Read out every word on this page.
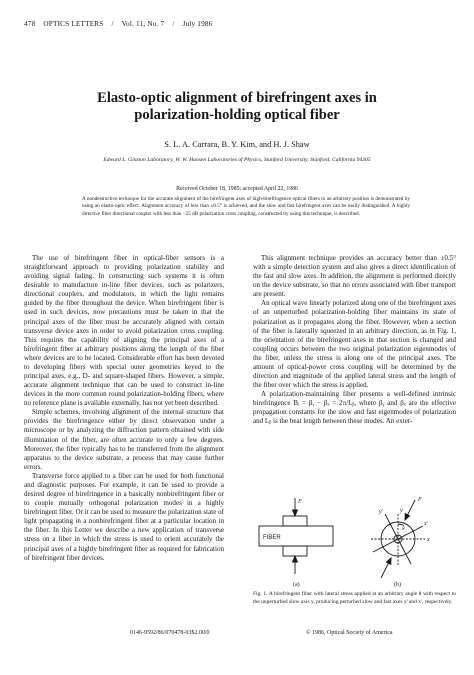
478 OPTICS LETTERS / Vol. 11, No. 7 / July 1986
Elasto-optic alignment of birefringent axes in
polarization-holding optical fiber
S. L. A. Carrara, B. Y. Kim, and H. J. Shaw
Edward L. Ginzton Laboratory, W. W. Hansen Laboratories of Physics, Stanford University, Stanford, California 94305
Received October 18, 1985; accepted April 22, 1986
A nondestructive technique for the accurate alignment of the birefringent axes of high-birefringence optical fibers to an arbitrary position is demonstrated by using an elasto-optic effect. Alignment accuracy of less than ±0.5° is achieved, and the slow and fast birefringent axes can be easily distinguished. A highly directive fiber directional coupler with less than −25 dB polarization cross coupling, constructed by using this technique, is described.

The use of birefringent fiber in optical-fiber sensors is a straightforward approach to providing polarization stability and avoiding signal fading. In constructing such systems it is often desirable to manufacture in-line fiber devices, such as polarizers, directional couplers, and modulators, in which the light remains guided by the fiber throughout the device. When birefringent fiber is used in such devices, now precautions must be taken in that the principal axes of the fiber must be accurately aligned with certain transverse device axes in order to avoid polarization cross coupling. This requires the capability of aligning the principal axes of a birefringent fiber at arbitrary positions along the length of the fiber where devices are to be located. Considerable effort has been devoted to developing fibers with special outer geometries keyed to the principal axes, e.g., D- and square-shaped fibers. However, a simple, accurate alignment technique that can be used to construct in-line devices in the more common round polarization-holding fibers, where no reference plane is available externally, has not yet been described.

Simple schemes, involving alignment of the internal structure that provides the birefringence either by direct observation under a microscope or by analyzing the diffraction pattern obtained with side illumination of the fiber, are often accurate to only a few degrees. Moreover, the fiber typically has to be transferred from the alignment apparatus to the device substrate, a process that may cause further errors.

Transverse force applied to a fiber can be used for both functional and diagnostic purposes. For example, it can be used to provide a desired degree of birefringence in a basically nonbirefringent fiber or to couple mutually orthogonal polarization modes in a highly birefringent fiber. Or it can be used to measure the polarization state of light propagating in a nonbirefringent fiber at a particular location in the fiber. In this Letter we describe a new application of transverse stress on a fiber in which the stress is used to orient accurately the principal axes of a highly birefringent fiber as required for fabrication of birefringent fiber devices.

This alignment technique provides an accuracy better than ±0.5° with a simple detection system and also gives a direct identification of the fast and slow axes. In addition, the alignment is performed directly on the device substrate, so that no errors associated with fiber transport are present.

An optical wave linearly polarized along one of the birefringent axes of an unperturbed polarization-holding fiber maintains its state of polarization as it propagates along the fiber. However, when a section of the fiber is laterally squeezed in an arbitrary direction, as in Fig. 1, the orientation of the birefringent axes in that section is changed and coupling occurs between the two original polarization eigenmodes of the fiber, unless the stress is along one of the principal axes. The amount of optical-power cross coupling will be determined by the direction and magnitude of the applied lateral stress and the length of the fiber over which the stress is applied.

A polarization-maintaining fiber presents a well-defined intrinsic birefringence Bᵢ = βᵧ − βₓ = 2π/Lᵦ, where βᵧ and βₓ are the effective propagation constants for the slow and fast eigenmodes of polarization and Lᵦ is the beat length between these modes. An exter-

F
FIBER
(a)
F
y
x
y'
x'
θ
(b)
Fig. 1. A birefringent fiber with lateral stress applied at an arbitrary angle θ with respect to the unperturbed slow axis y, producing perturbed slow and fast axes y' and x', respectively.
0146-9592/86/070478-03$2.00/0	© 1986, Optical Society of America
